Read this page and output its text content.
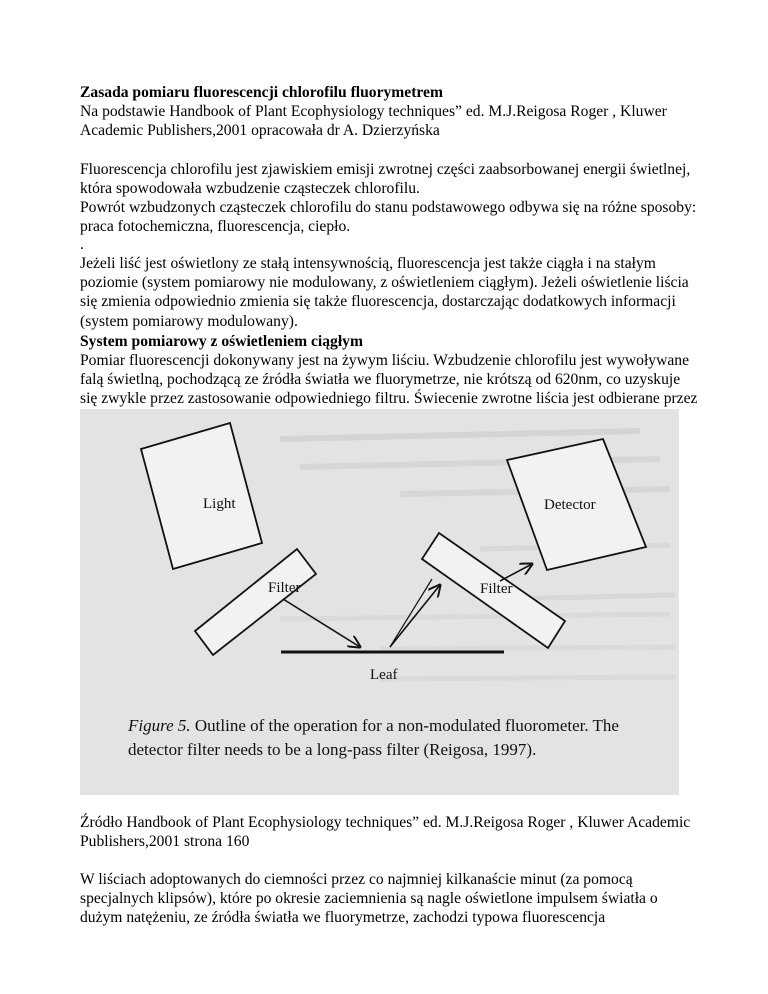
Zasada pomiaru fluorescencji chlorofilu fluorymetrem

Na podstawie Handbook of Plant Ecophysiology techniques” ed. M.J.Reigosa Roger , Kluwer Academic Publishers,2001 opracowała dr A. Dzierzyńska

Fluorescencja chlorofilu jest zjawiskiem emisji zwrotnej części zaabsorbowanej energii świetlnej, która spowodowała wzbudzenie cząsteczek chlorofilu.

Powrót wzbudzonych cząsteczek chlorofilu do stanu podstawowego odbywa się na różne sposoby: praca fotochemiczna, fluorescencja, ciepło.

.

Jeżeli liść jest oświetlony ze stałą intensywnością, fluorescencja jest także ciągła i na stałym poziomie (system pomiarowy nie modulowany, z oświetleniem ciągłym). Jeżeli oświetlenie liścia się zmienia odpowiednio zmienia się także fluorescencja, dostarczając dodatkowych informacji (system pomiarowy modulowany).

System pomiarowy z oświetleniem ciągłym

Pomiar fluorescencji dokonywany jest na żywym liściu. Wzbudzenie chlorofilu jest wywoływane falą świetlną, pochodzącą ze źródła światła we fluorymetrze, nie krótszą od 620nm, co uzyskuje się zwykle przez zastosowanie odpowiedniego filtru. Świecenie zwrotne liścia jest odbierane przez

Źródło Handbook of Plant Ecophysiology techniques” ed. M.J.Reigosa Roger , Kluwer Academic Publishers,2001 strona 160

W liściach adoptowanych do ciemności przez co najmniej kilkanaście minut (za pomocą specjalnych klipsów), które po okresie zaciemnienia są nagle oświetlone impulsem światła o dużym natężeniu, ze źródła światła we fluorymetrze, zachodzi typowa fluorescencja

Light	Detector
Filter	Filter
Leaf
Figure 5. Outline of the operation for a non-modulated fluorometer. The
detector filter needs to be a long-pass filter (Reigosa, 1997).
